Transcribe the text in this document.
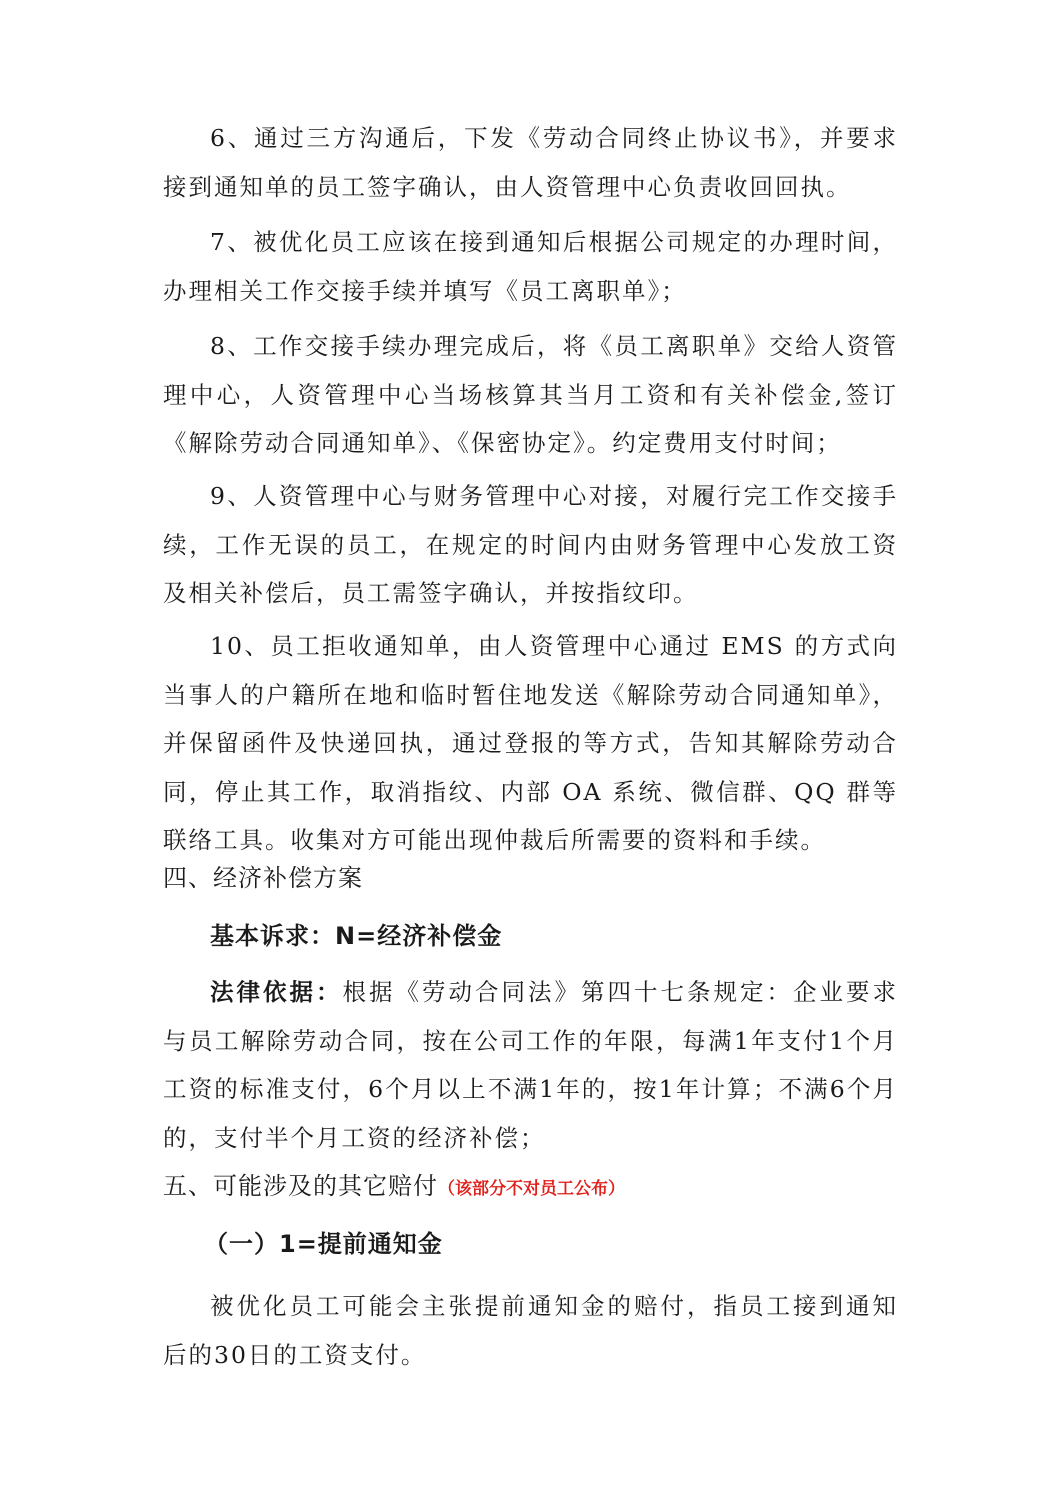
6、通过三方沟通后，下发《劳动合同终止协议书》，并要求接到通知单的员工签字确认，由人资管理中心负责收回回执。

7、被优化员工应该在接到通知后根据公司规定的办理时间，办理相关工作交接手续并填写《员工离职单》；

8、工作交接手续办理完成后，将《员工离职单》交给人资管理中心，人资管理中心当场核算其当月工资和有关补偿金,签订《解除劳动合同通知单》、《保密协定》。约定费用支付时间；

9、人资管理中心与财务管理中心对接，对履行完工作交接手续，工作无误的员工，在规定的时间内由财务管理中心发放工资及相关补偿后，员工需签字确认，并按指纹印。

10、员工拒收通知单，由人资管理中心通过 EMS 的方式向当事人的户籍所在地和临时暂住地发送《解除劳动合同通知单》，并保留函件及快递回执，通过登报的等方式，告知其解除劳动合同，停止其工作，取消指纹、内部 OA 系统、微信群、QQ 群等联络工具。收集对方可能出现仲裁后所需要的资料和手续。

四、经济补偿方案

基本诉求：N=经济补偿金

法律依据：根据《劳动合同法》第四十七条规定：企业要求与员工解除劳动合同，按在公司工作的年限，每满1年支付1个月工资的标准支付，6个月以上不满1年的，按1年计算；不满6个月的，支付半个月工资的经济补偿；

五、可能涉及的其它赔付（该部分不对员工公布）

（一）1=提前通知金

被优化员工可能会主张提前通知金的赔付，指员工接到通知后的30日的工资支付。
